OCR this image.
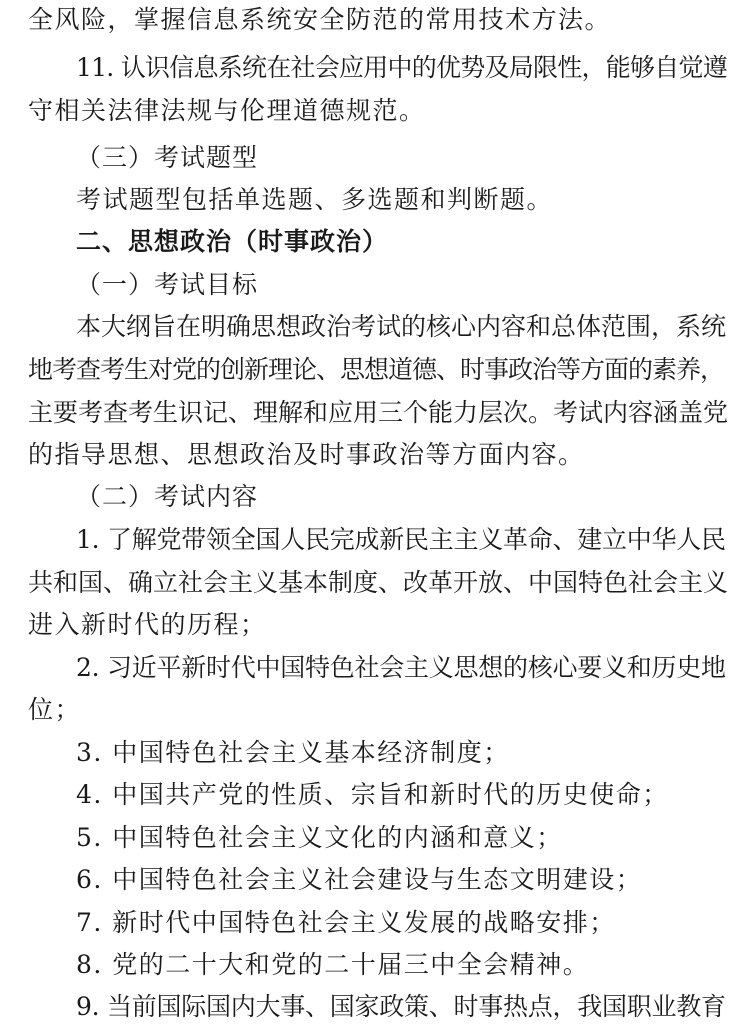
全风险，掌握信息系统安全防范的常用技术方法。
11. 认识信息系统在社会应用中的优势及局限性，能够自觉遵
守相关法律法规与伦理道德规范。
（三）考试题型
考试题型包括单选题、多选题和判断题。
二、思想政治（时事政治）
（一）考试目标
本大纲旨在明确思想政治考试的核心内容和总体范围，系统
地考查考生对党的创新理论、思想道德、时事政治等方面的素养，
主要考查考生识记、理解和应用三个能力层次。考试内容涵盖党
的指导思想、思想政治及时事政治等方面内容。
（二）考试内容
1. 了解党带领全国人民完成新民主主义革命、建立中华人民
共和国、确立社会主义基本制度、改革开放、中国特色社会主义
进入新时代的历程；
2. 习近平新时代中国特色社会主义思想的核心要义和历史地
位；
3. 中国特色社会主义基本经济制度；
4. 中国共产党的性质、宗旨和新时代的历史使命；
5. 中国特色社会主义文化的内涵和意义；
6. 中国特色社会主义社会建设与生态文明建设；
7. 新时代中国特色社会主义发展的战略安排；
8. 党的二十大和党的二十届三中全会精神。
9. 当前国际国内大事、国家政策、时事热点，我国职业教育
